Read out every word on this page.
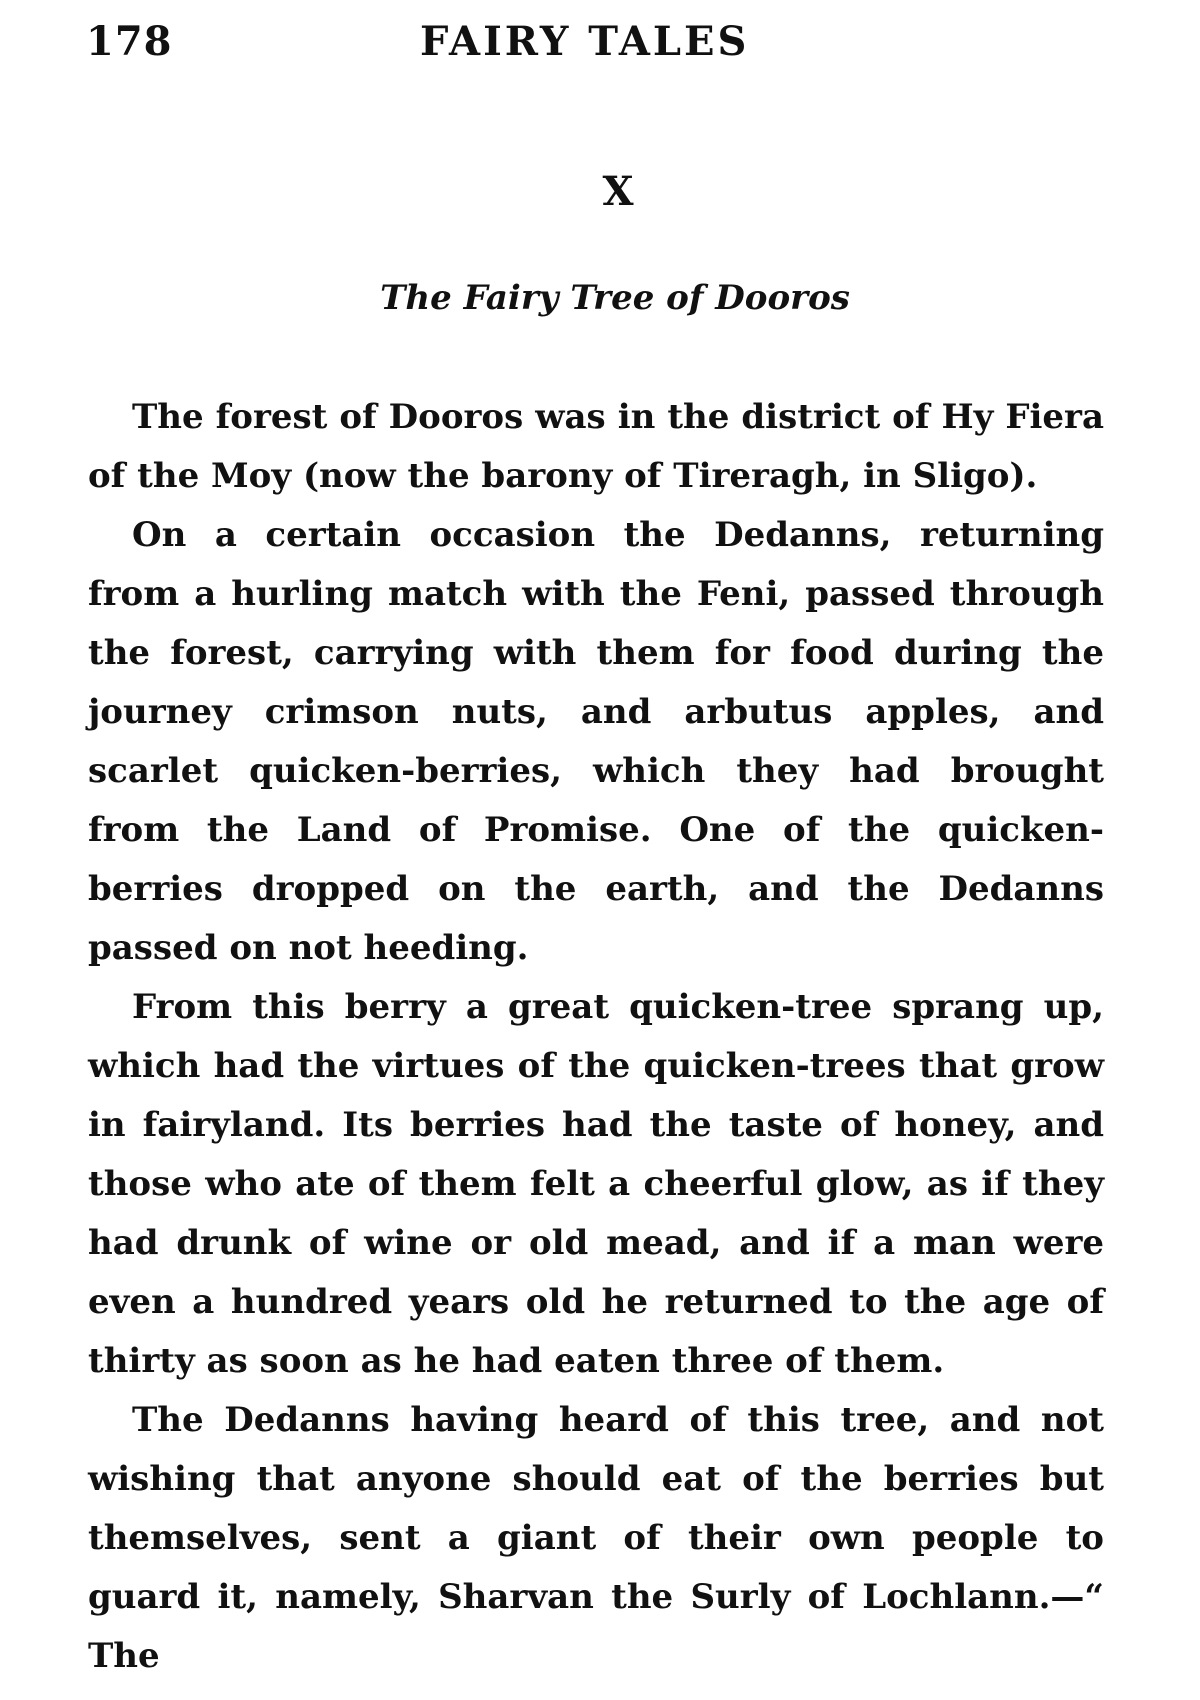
178	FAIRY TALES
X
The Fairy Tree of Dooros

The forest of Dooros was in the district of Hy Fiera of the Moy (now the barony of Tireragh, in Sligo).

On a certain occasion the Dedanns, returning from a hurling match with the Feni, passed through the forest, carrying with them for food during the journey crimson nuts, and arbutus apples, and scarlet quicken-berries, which they had brought from the Land of Promise. One of the quicken-berries dropped on the earth, and the Dedanns passed on not heeding.

From this berry a great quicken-tree sprang up, which had the virtues of the quicken-trees that grow in fairyland. Its berries had the taste of honey, and those who ate of them felt a cheerful glow, as if they had drunk of wine or old mead, and if a man were even a hundred years old he returned to the age of thirty as soon as he had eaten three of them.

The Dedanns having heard of this tree, and not wishing that anyone should eat of the berries but themselves, sent a giant of their own people to guard it, namely, Sharvan the Surly of Lochlann.—“ The
